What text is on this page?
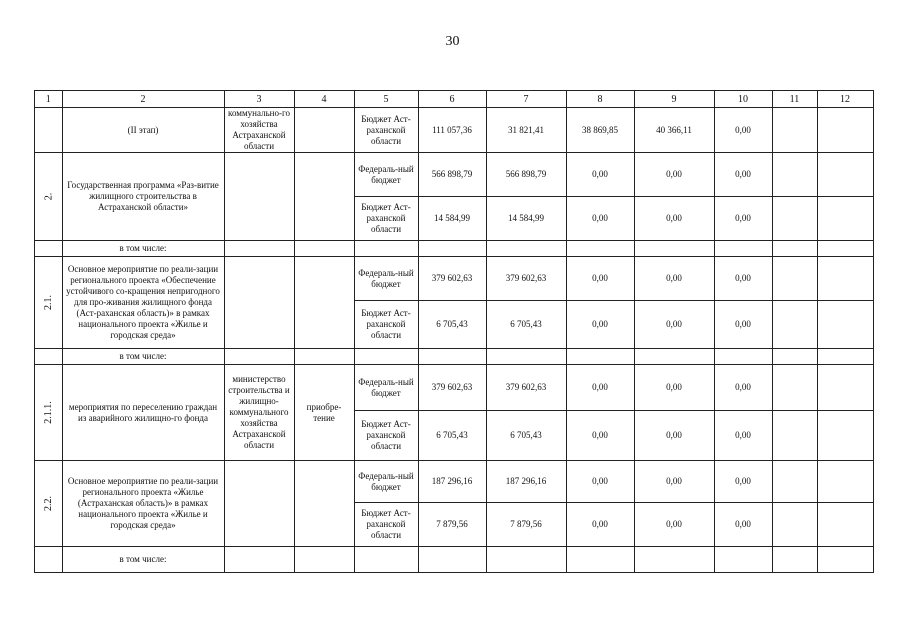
30
1	2	3	4	5	6	7	8	9	10	11	12
	(II этап)	коммунально-го хозяйства Астраханской области		Бюджет Аст-раханской области	111 057,36	31 821,41	38 869,85	40 366,11	0,00		
2.	Государственная программа «Раз-витие жилищного строительства в Астраханской области»			Федераль-ный бюджет	566 898,79	566 898,79	0,00	0,00	0,00		
				Бюджет Аст-раханской области	14 584,99	14 584,99	0,00	0,00	0,00		
	в том числе:										
2.1.	Основное мероприятие по реали-зации регионального проекта «Обеспечение устойчивого со-кращения непригодного для про-живания жилищного фонда (Аст-раханская область)» в рамках национального проекта «Жилье и городская среда»			Федераль-ный бюджет	379 602,63	379 602,63	0,00	0,00	0,00		
				Бюджет Аст-раханской области	6 705,43	6 705,43	0,00	0,00	0,00		
	в том числе:										
2.1.1.	мероприятия по переселению граждан из аварийного жилищно-го фонда	министерство строительства и жилищно-коммунального хозяйства Астраханской области	приобре-тение	Федераль-ный бюджет	379 602,63	379 602,63	0,00	0,00	0,00		
				Бюджет Аст-раханской области	6 705,43	6 705,43	0,00	0,00	0,00		
2.2.	Основное мероприятие по реали-зации регионального проекта «Жилье (Астраханская область)» в рамках национального проекта «Жилье и городская среда»			Федераль-ный бюджет	187 296,16	187 296,16	0,00	0,00	0,00		
				Бюджет Аст-раханской области	7 879,56	7 879,56	0,00	0,00	0,00		
	в том числе:										
